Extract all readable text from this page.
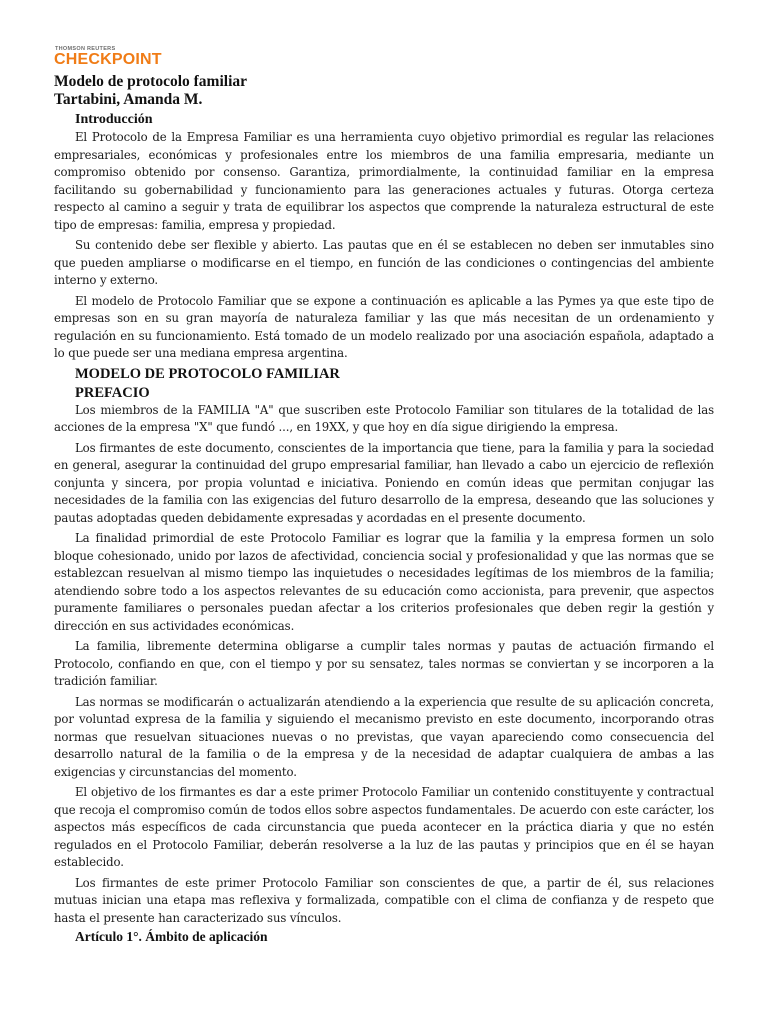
THOMSON REUTERS
CHECKPOINT
Modelo de protocolo familiar
Tartabini, Amanda M.
Introducción

El Protocolo de la Empresa Familiar es una herramienta cuyo objetivo primordial es regular las relaciones empresariales, económicas y profesionales entre los miembros de una familia empresaria, mediante un compromiso obtenido por consenso. Garantiza, primordialmente, la continuidad familiar en la empresa facilitando su gobernabilidad y funcionamiento para las generaciones actuales y futuras. Otorga certeza respecto al camino a seguir y trata de equilibrar los aspectos que comprende la naturaleza estructural de este tipo de empresas: familia, empresa y propiedad.

Su contenido debe ser flexible y abierto. Las pautas que en él se establecen no deben ser inmutables sino que pueden ampliarse o modificarse en el tiempo, en función de las condiciones o contingencias del ambiente interno y externo.

El modelo de Protocolo Familiar que se expone a continuación es aplicable a las Pymes ya que este tipo de empresas son en su gran mayoría de naturaleza familiar y las que más necesitan de un ordenamiento y regulación en su funcionamiento. Está tomado de un modelo realizado por una asociación española, adaptado a lo que puede ser una mediana empresa argentina.

MODELO DE PROTOCOLO FAMILIAR
PREFACIO

Los miembros de la FAMILIA "A" que suscriben este Protocolo Familiar son titulares de la totalidad de las acciones de la empresa "X" que fundó ..., en 19XX, y que hoy en día sigue dirigiendo la empresa.

Los firmantes de este documento, conscientes de la importancia que tiene, para la familia y para la sociedad en general, asegurar la continuidad del grupo empresarial familiar, han llevado a cabo un ejercicio de reflexión conjunta y sincera, por propia voluntad e iniciativa. Poniendo en común ideas que permitan conjugar las necesidades de la familia con las exigencias del futuro desarrollo de la empresa, deseando que las soluciones y pautas adoptadas queden debidamente expresadas y acordadas en el presente documento.

La finalidad primordial de este Protocolo Familiar es lograr que la familia y la empresa formen un solo bloque cohesionado, unido por lazos de afectividad, conciencia social y profesionalidad y que las normas que se establezcan resuelvan al mismo tiempo las inquietudes o necesidades legítimas de los miembros de la familia; atendiendo sobre todo a los aspectos relevantes de su educación como accionista, para prevenir, que aspectos puramente familiares o personales puedan afectar a los criterios profesionales que deben regir la gestión y dirección en sus actividades económicas.

La familia, libremente determina obligarse a cumplir tales normas y pautas de actuación firmando el Protocolo, confiando en que, con el tiempo y por su sensatez, tales normas se conviertan y se incorporen a la tradición familiar.

Las normas se modificarán o actualizarán atendiendo a la experiencia que resulte de su aplicación concreta, por voluntad expresa de la familia y siguiendo el mecanismo previsto en este documento, incorporando otras normas que resuelvan situaciones nuevas o no previstas, que vayan apareciendo como consecuencia del desarrollo natural de la familia o de la empresa y de la necesidad de adaptar cualquiera de ambas a las exigencias y circunstancias del momento.

El objetivo de los firmantes es dar a este primer Protocolo Familiar un contenido constituyente y contractual que recoja el compromiso común de todos ellos sobre aspectos fundamentales. De acuerdo con este carácter, los aspectos más específicos de cada circunstancia que pueda acontecer en la práctica diaria y que no estén regulados en el Protocolo Familiar, deberán resolverse a la luz de las pautas y principios que en él se hayan establecido.

Los firmantes de este primer Protocolo Familiar son conscientes de que, a partir de él, sus relaciones mutuas inician una etapa mas reflexiva y formalizada, compatible con el clima de confianza y de respeto que hasta el presente han caracterizado sus vínculos.

Artículo 1°. Ámbito de aplicación
